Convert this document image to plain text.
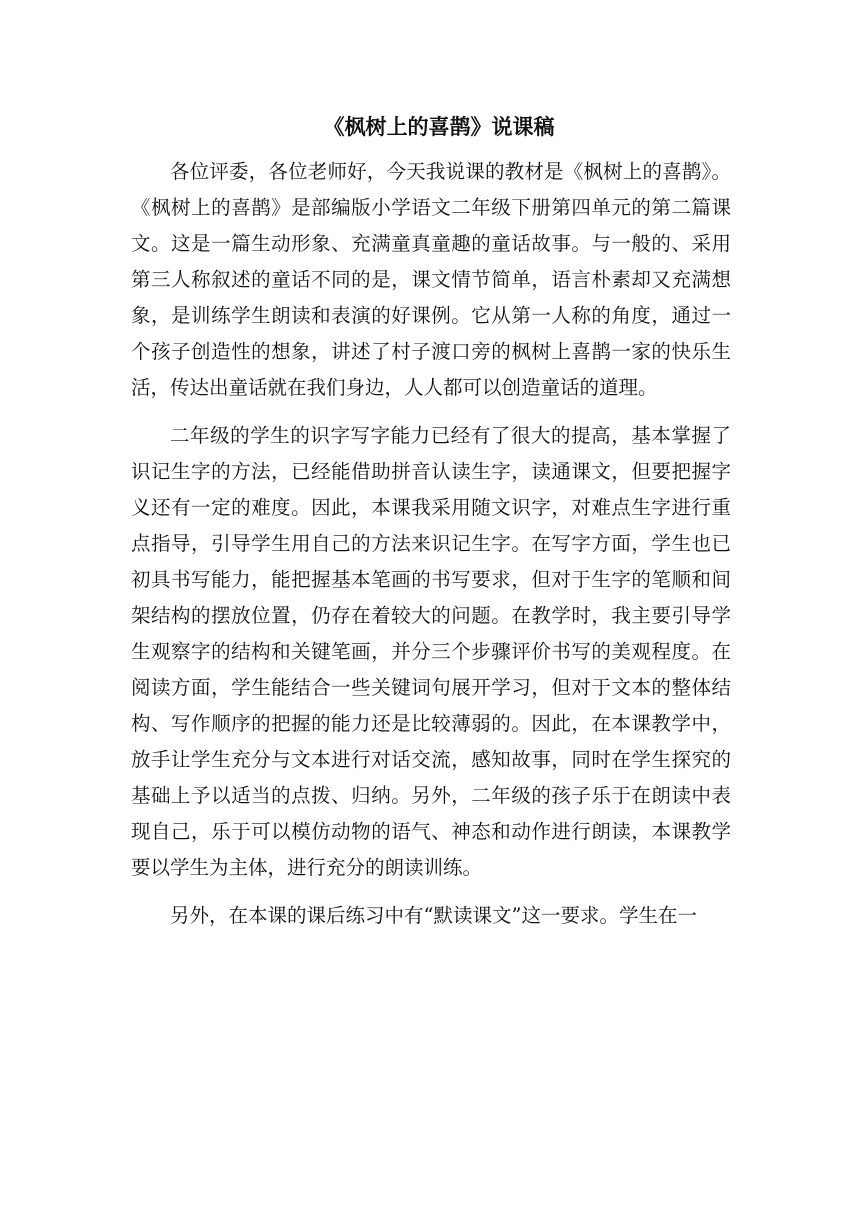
《枫树上的喜鹊》说课稿

各位评委，各位老师好，今天我说课的教材是《枫树上的喜鹊》。《枫树上的喜鹊》是部编版小学语文二年级下册第四单元的第二篇课文。这是一篇生动形象、充满童真童趣的童话故事。与一般的、采用第三人称叙述的童话不同的是，课文情节简单，语言朴素却又充满想象，是训练学生朗读和表演的好课例。它从第一人称的角度，通过一个孩子创造性的想象，讲述了村子渡口旁的枫树上喜鹊一家的快乐生活，传达出童话就在我们身边，人人都可以创造童话的道理。

二年级的学生的识字写字能力已经有了很大的提高，基本掌握了识记生字的方法，已经能借助拼音认读生字，读通课文，但要把握字义还有一定的难度。因此，本课我采用随文识字，对难点生字进行重点指导，引导学生用自己的方法来识记生字。在写字方面，学生也已初具书写能力，能把握基本笔画的书写要求，但对于生字的笔顺和间架结构的摆放位置，仍存在着较大的问题。在教学时，我主要引导学生观察字的结构和关键笔画，并分三个步骤评价书写的美观程度。在阅读方面，学生能结合一些关键词句展开学习，但对于文本的整体结构、写作顺序的把握的能力还是比较薄弱的。因此，在本课教学中，放手让学生充分与文本进行对话交流，感知故事，同时在学生探究的基础上予以适当的点拨、归纳。另外，二年级的孩子乐于在朗读中表现自己，乐于可以模仿动物的语气、神态和动作进行朗读，本课教学要以学生为主体，进行充分的朗读训练。

另外，在本课的课后练习中有“默读课文”这一要求。学生在一
